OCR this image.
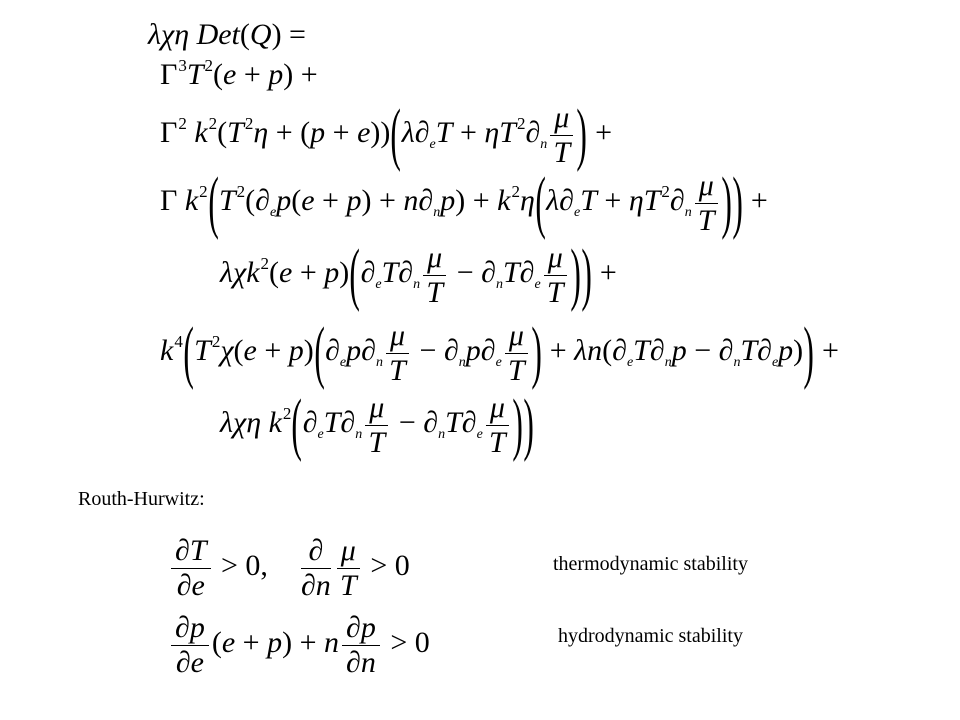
λχη Det(Q) =
$\Gamma^3T^2(e + p)$ +
$\Gamma^2$ $k^2(T^2\eta + (p + e))(\lambda\partial_eT + \eta T^2\partial_n \frac{\mu}{T}$ ) +
Γ $k^2(T^2(\partial_ep(e + p) + n\partial_np) + k^2\eta(\lambda\partial_eT + \eta T^2\partial_n \frac{\mu}{T}$ )) +
$\lambda\chi k^2(e + p)(\partial_eT\partial_n \frac{\mu}{T} - \partial_nT\partial_e \frac{\mu}{T}$ )) +
$k^4(T^2\chi(e + p)(\partial_ep\partial_n \frac{\mu}{T} - \partial_np\partial_e \frac{\mu}{T}$ ) + $\lambda n(\partial_eT\partial_np - \partial_nT\partial_ep)$) +
λχη $k^2(\partial_eT\partial_n \frac{\mu}{T} - \partial_nT\partial_e \frac{\mu}{T}$ ))
Routh-Hurwitz:
$\frac{\partial T}{\partial e} > 0$, $\frac{\partial}{\partial n} \frac{\mu}{T} > 0$	thermodynamic stability
$\frac{\partial p}{\partial e} (e + p) + n \frac{\partial p}{\partial n} > 0$	hydrodynamic stability
